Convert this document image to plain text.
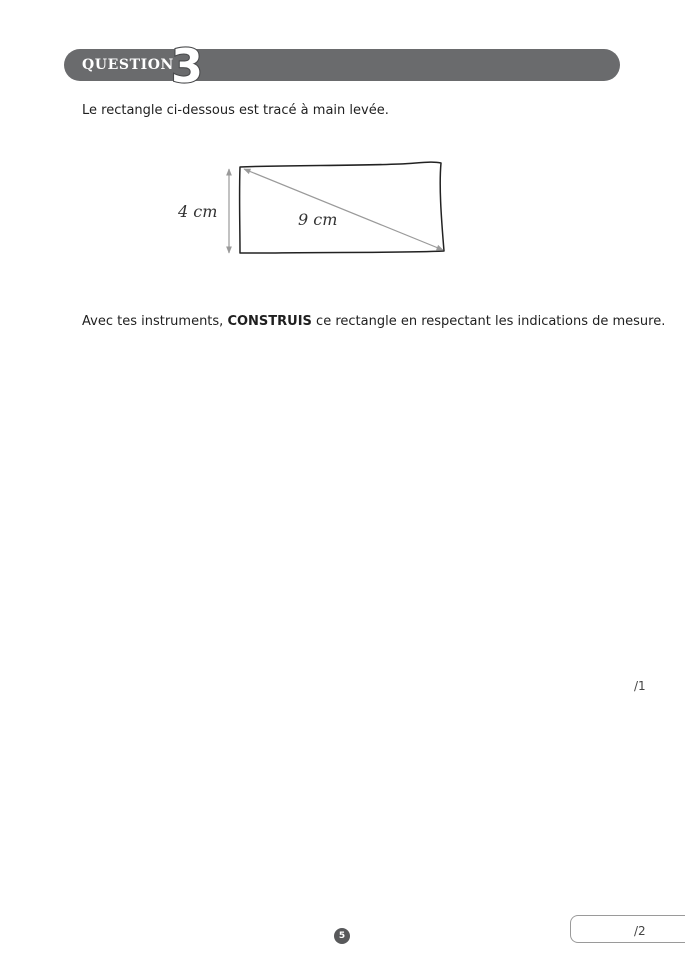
QUESTION
3
Le rectangle ci-dessous est tracé à main levée.
4 cm	9 cm
Avec tes instruments, CONSTRUIS ce rectangle en respectant les indications de mesure.
/1
/2
5
